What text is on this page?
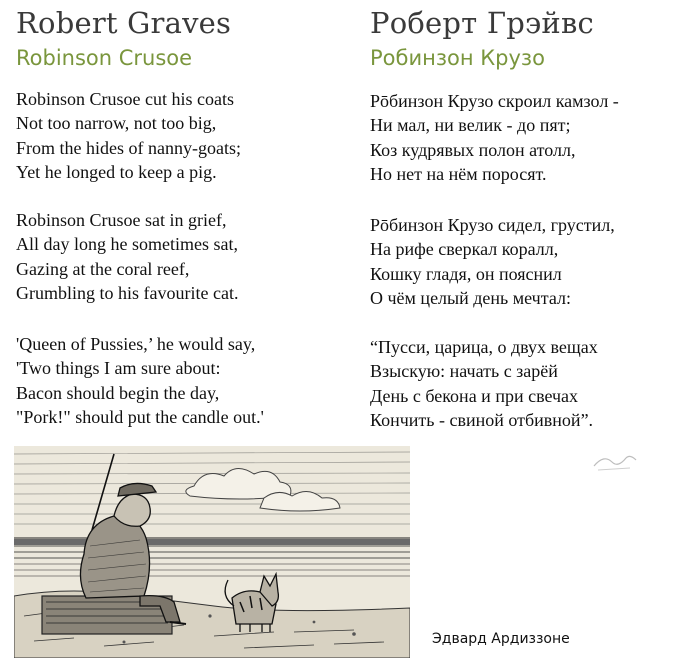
Robert Graves
Robinson Crusoe
Robinson Crusoe cut his coats
Not too narrow, not too big,
From the hides of nanny-goats;
Yet he longed to keep a pig.
Robinson Crusoe sat in grief,
All day long he sometimes sat,
Gazing at the coral reef,
Grumbling to his favourite cat.
'Queen of Pussies,’ he would say,
'Two things I am sure about:
Bacon should begin the day,
"Pork!" should put the candle out.'
Роберт Грэйвс
Робинзон Крузо
Рōбинзон Крузо скроил камзол -
Ни мал, ни велик - до пят;
Коз кудрявых полон атолл,
Но нет на нём поросят.
Рōбинзон Крузо сидел, грустил,
На рифе сверкал коралл,
Кошку гладя, он пояснил
О чём целый день мечтал:
“Пусси, царица, о двух вещах
Взыскую: начать с зарёй
День с бекона и при свечах
Кончить - свиной отбивной”.
Эдвард Ардиззоне
